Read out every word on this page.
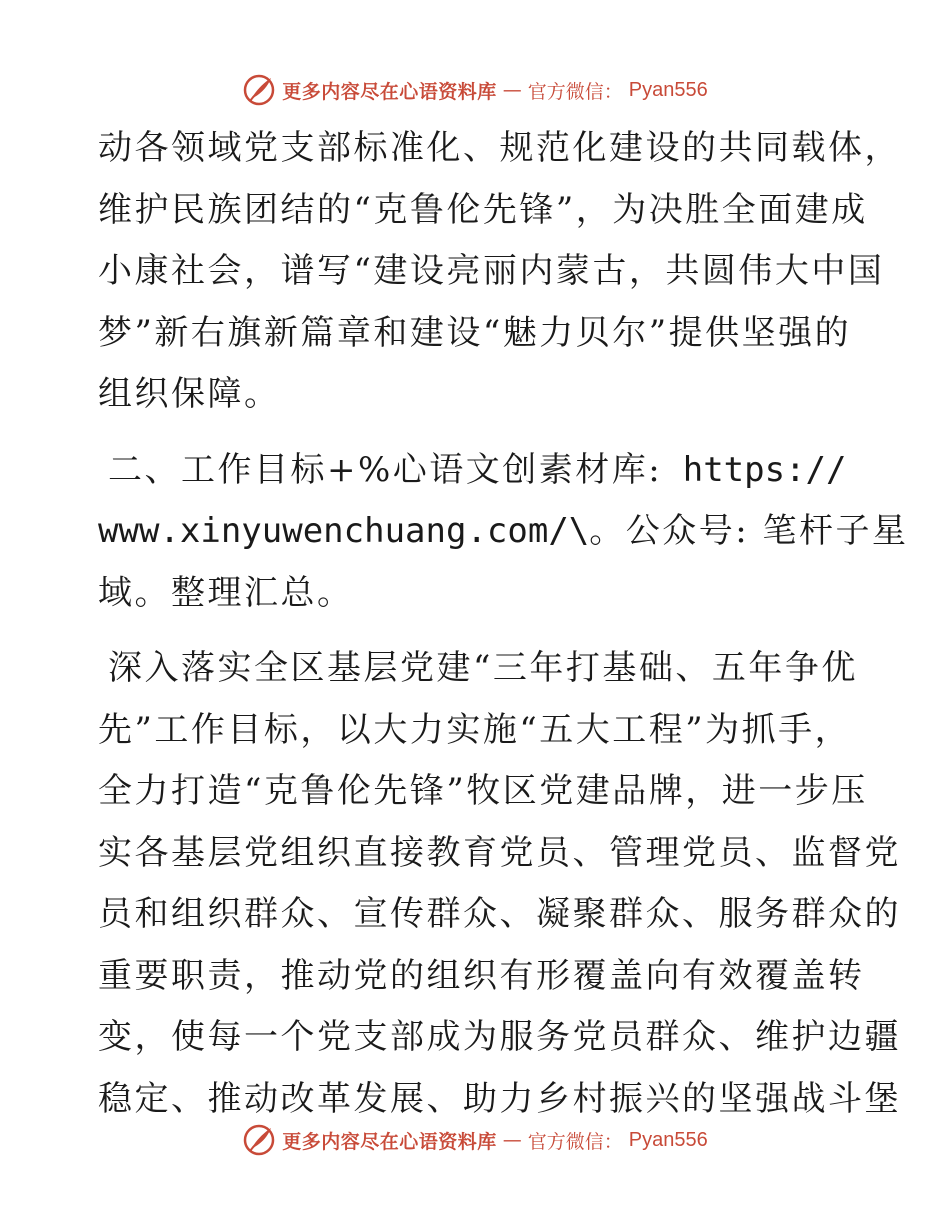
更多内容尽在心语资料库 — 官方微信： Pyan556
动各领域党支部标准化、规范化建设的共同载体，
维护民族团结的“克鲁伦先锋”，为决胜全面建成
小康社会，谱写“建设亮丽内蒙古，共圆伟大中国
梦”新右旗新篇章和建设“魅力贝尔”提供坚强的
组织保障。
二、工作目标+%心语文创素材库: https://
www.xinyuwenchuang.com/\。公众号: 笔杆子星
域。整理汇总。
深入落实全区基层党建“三年打基础、五年争优
先”工作目标，以大力实施“五大工程”为抓手，
全力打造“克鲁伦先锋”牧区党建品牌，进一步压
实各基层党组织直接教育党员、管理党员、监督党
员和组织群众、宣传群众、凝聚群众、服务群众的
重要职责，推动党的组织有形覆盖向有效覆盖转
变，使每一个党支部成为服务党员群众、维护边疆
稳定、推动改革发展、助力乡村振兴的坚强战斗堡
更多内容尽在心语资料库 — 官方微信： Pyan556
